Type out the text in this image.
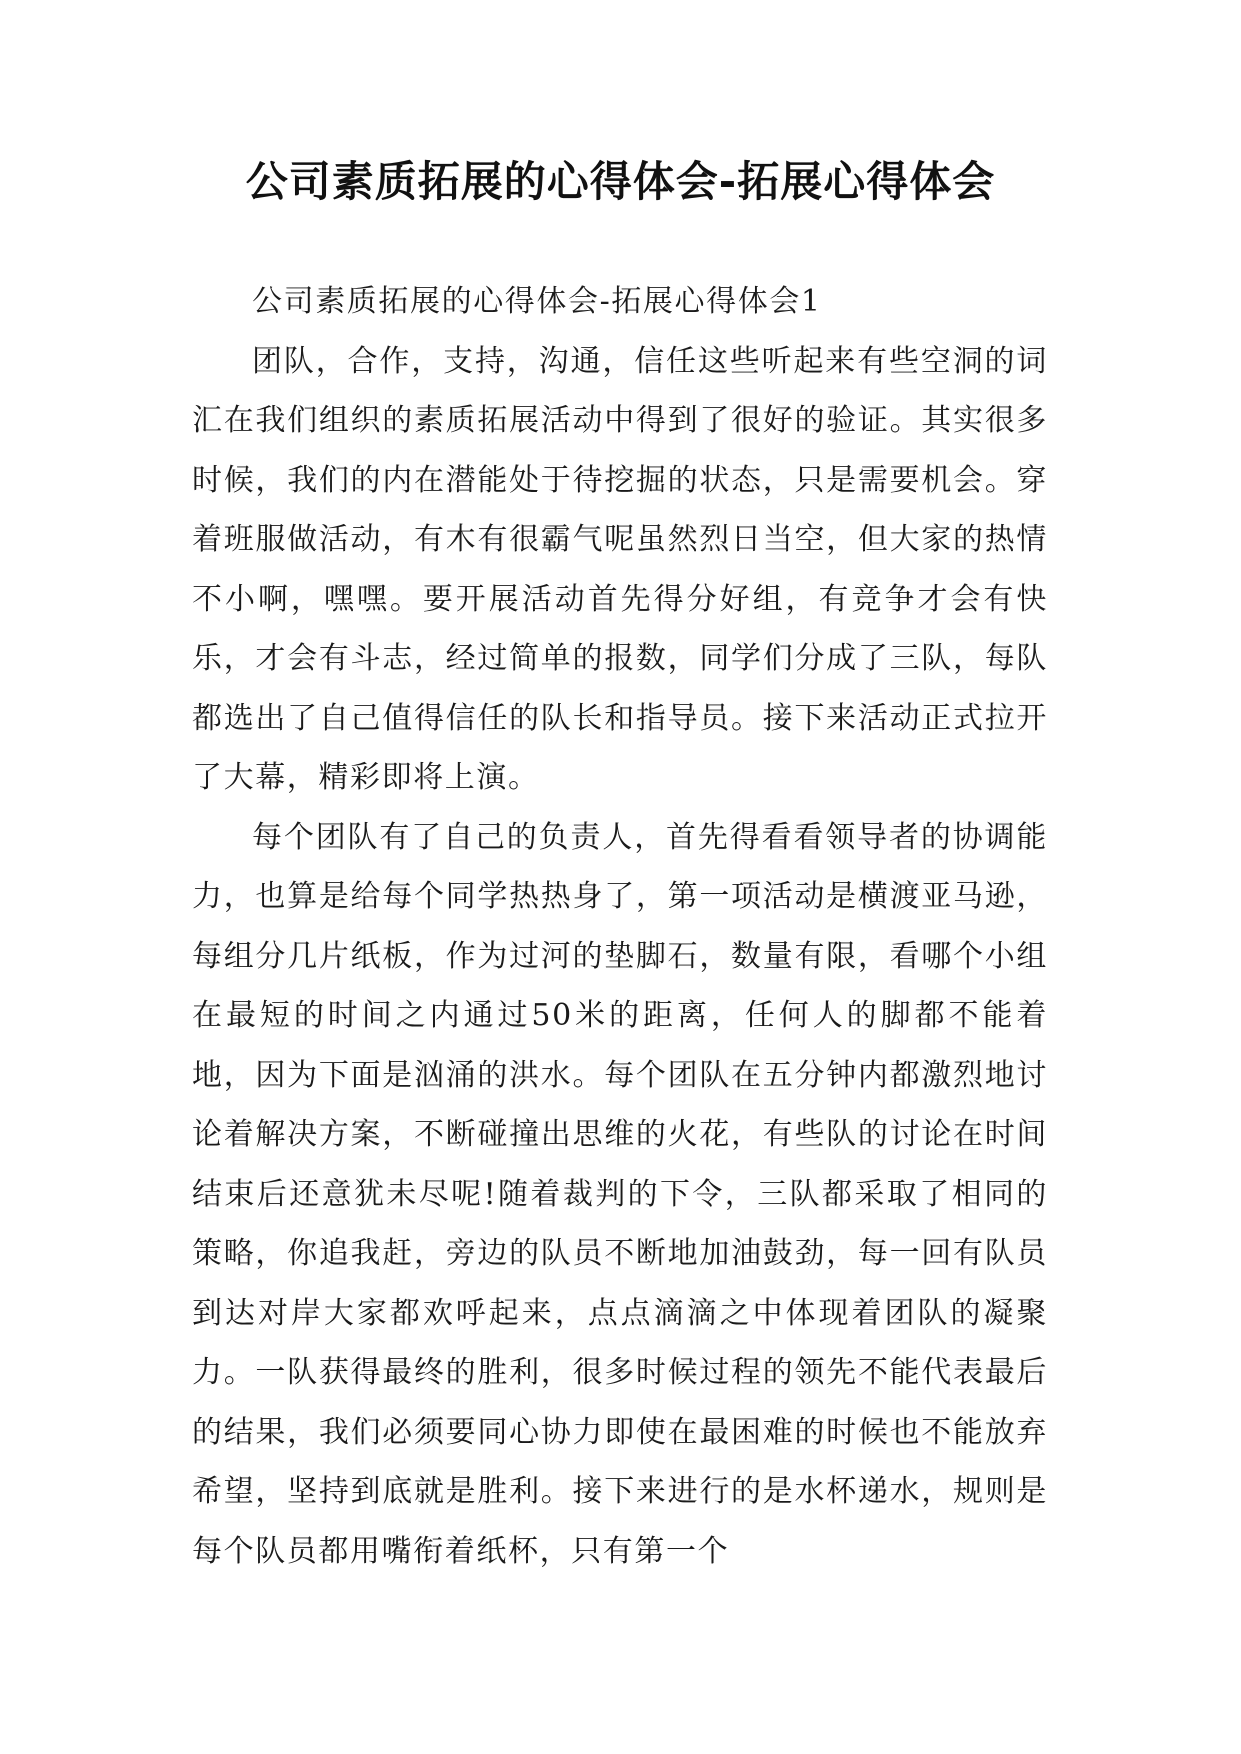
公司素质拓展的心得体会-拓展心得体会

公司素质拓展的心得体会-拓展心得体会1

团队，合作，支持，沟通，信任这些听起来有些空洞的词汇在我们组织的素质拓展活动中得到了很好的验证。其实很多时候，我们的内在潜能处于待挖掘的状态，只是需要机会。穿着班服做活动，有木有很霸气呢虽然烈日当空，但大家的热情不小啊，嘿嘿。要开展活动首先得分好组，有竞争才会有快乐，才会有斗志，经过简单的报数，同学们分成了三队，每队都选出了自己值得信任的队长和指导员。接下来活动正式拉开了大幕，精彩即将上演。

每个团队有了自己的负责人，首先得看看领导者的协调能力，也算是给每个同学热热身了，第一项活动是横渡亚马逊，每组分几片纸板，作为过河的垫脚石，数量有限，看哪个小组在最短的时间之内通过50米的距离，任何人的脚都不能着地，因为下面是汹涌的洪水。每个团队在五分钟内都激烈地讨论着解决方案，不断碰撞出思维的火花，有些队的讨论在时间结束后还意犹未尽呢!随着裁判的下令，三队都采取了相同的策略，你追我赶，旁边的队员不断地加油鼓劲，每一回有队员到达对岸大家都欢呼起来，点点滴滴之中体现着团队的凝聚力。一队获得最终的胜利，很多时候过程的领先不能代表最后的结果，我们必须要同心协力即使在最困难的时候也不能放弃希望，坚持到底就是胜利。接下来进行的是水杯递水，规则是每个队员都用嘴衔着纸杯，只有第一个
